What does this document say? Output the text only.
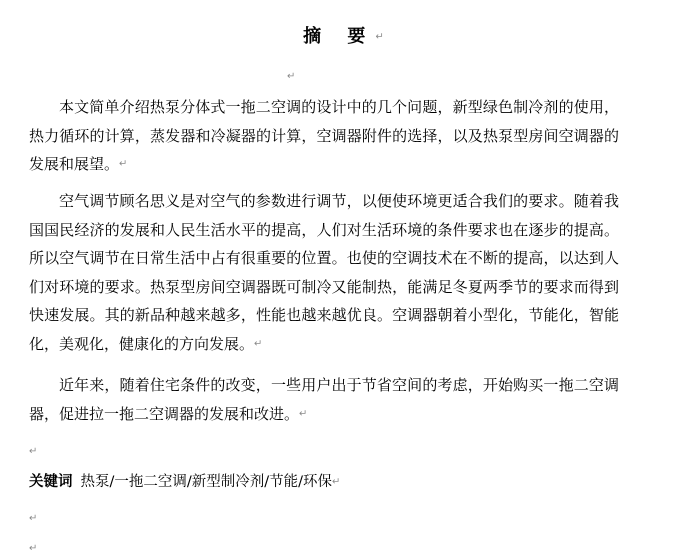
摘 要↵
↵

本文简单介绍热泵分体式一拖二空调的设计中的几个问题，新型绿色制冷剂的使用，热力循环的计算，蒸发器和冷凝器的计算，空调器附件的选择，以及热泵型房间空调器的发展和展望。↵

空气调节顾名思义是对空气的参数进行调节，以便使环境更适合我们的要求。随着我国国民经济的发展和人民生活水平的提高，人们对生活环境的条件要求也在逐步的提高。所以空气调节在日常生活中占有很重要的位置。也使的空调技术在不断的提高，以达到人们对环境的要求。热泵型房间空调器既可制冷又能制热，能满足冬夏两季节的要求而得到快速发展。其的新品种越来越多，性能也越来越优良。空调器朝着小型化，节能化，智能化，美观化，健康化的方向发展。↵

近年来，随着住宅条件的改变，一些用户出于节省空间的考虑，开始购买一拖二空调器，促进拉一拖二空调器的发展和改进。↵

↵
关键词 热泵/一拖二空调/新型制冷剂/节能/环保↵
↵
↵
